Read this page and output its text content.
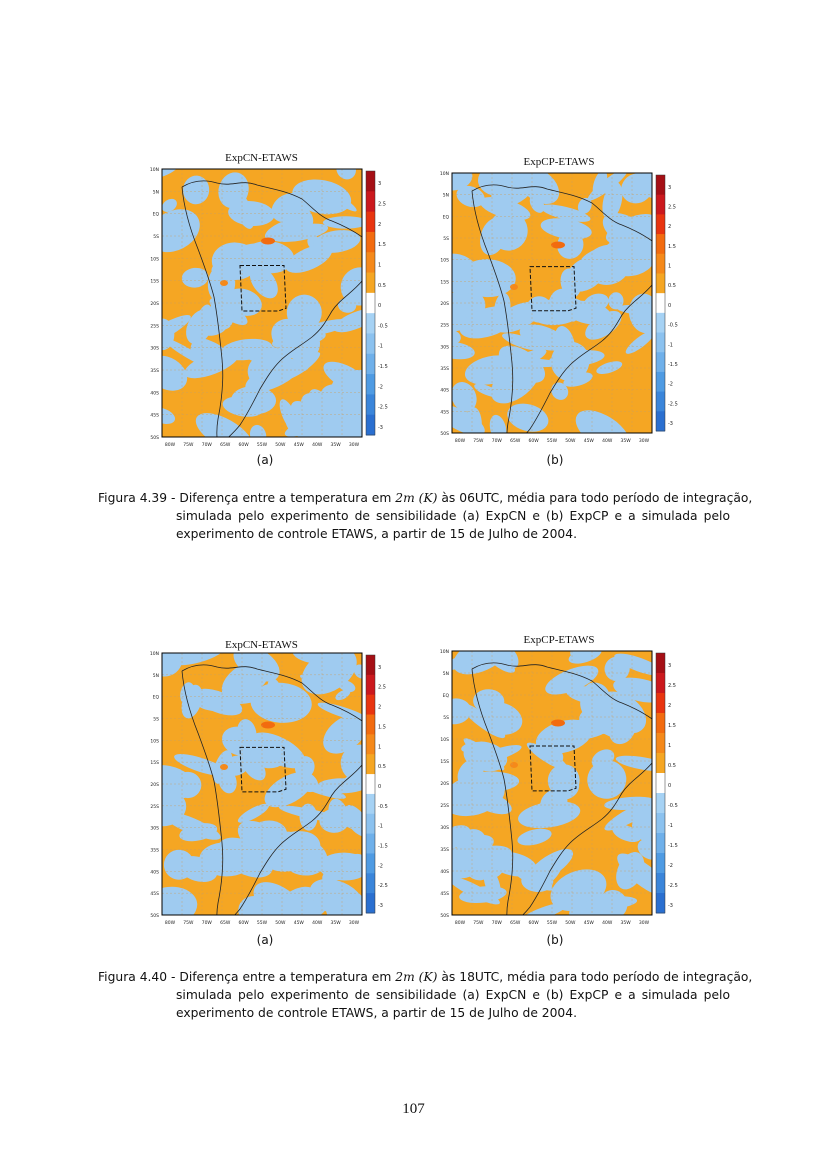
ExpCN-ETAWS
10N
5N
EQ
5S
10S
15S
20S
25S
30S
35S
40S
45S
50S
80W 75W 70W 65W 60W 55W 50W 45W 40W 35W 30W
3
2.5
2
1.5
1
0.5
0
-0.5
-1
-1.5
-2
-2.5
-3
(a)
ExpCP-ETAWS
10N
5N
EQ
5S
10S
15S
20S
25S
30S
35S
40S
45S
50S
80W 75W 70W 65W 60W 55W 50W 45W 40W 35W 30W
3
2.5
2
1.5
1
0.5
0
-0.5
-1
-1.5
-2
-2.5
-3
(b)
Figura 4.39 - Diferença entre a temperatura em 2m (K) às 06UTC, média para todo período de integração,
simulada pelo experimento de sensibilidade (a) ExpCN e (b) ExpCP e a simulada pelo experimento de controle ETAWS, a partir de 15 de Julho de 2004.
ExpCN-ETAWS
10N
5N
EQ
5S
10S
15S
20S
25S
30S
35S
40S
45S
50S
80W 75W 70W 65W 60W 55W 50W 45W 40W 35W 30W
3
2.5
2
1.5
1
0.5
0
-0.5
-1
-1.5
-2
-2.5
-3
(a)
ExpCP-ETAWS
10N
5N
EQ
5S
10S
15S
20S
25S
30S
35S
40S
45S
50S
80W 75W 70W 65W 60W 55W 50W 45W 40W 35W 30W
3
2.5
2
1.5
1
0.5
0
-0.5
-1
-1.5
-2
-2.5
-3
(b)
Figura 4.40 - Diferença entre a temperatura em 2m (K) às 18UTC, média para todo período de integração,
simulada pelo experimento de sensibilidade (a) ExpCN e (b) ExpCP e a simulada pelo experimento de controle ETAWS, a partir de 15 de Julho de 2004.
107
